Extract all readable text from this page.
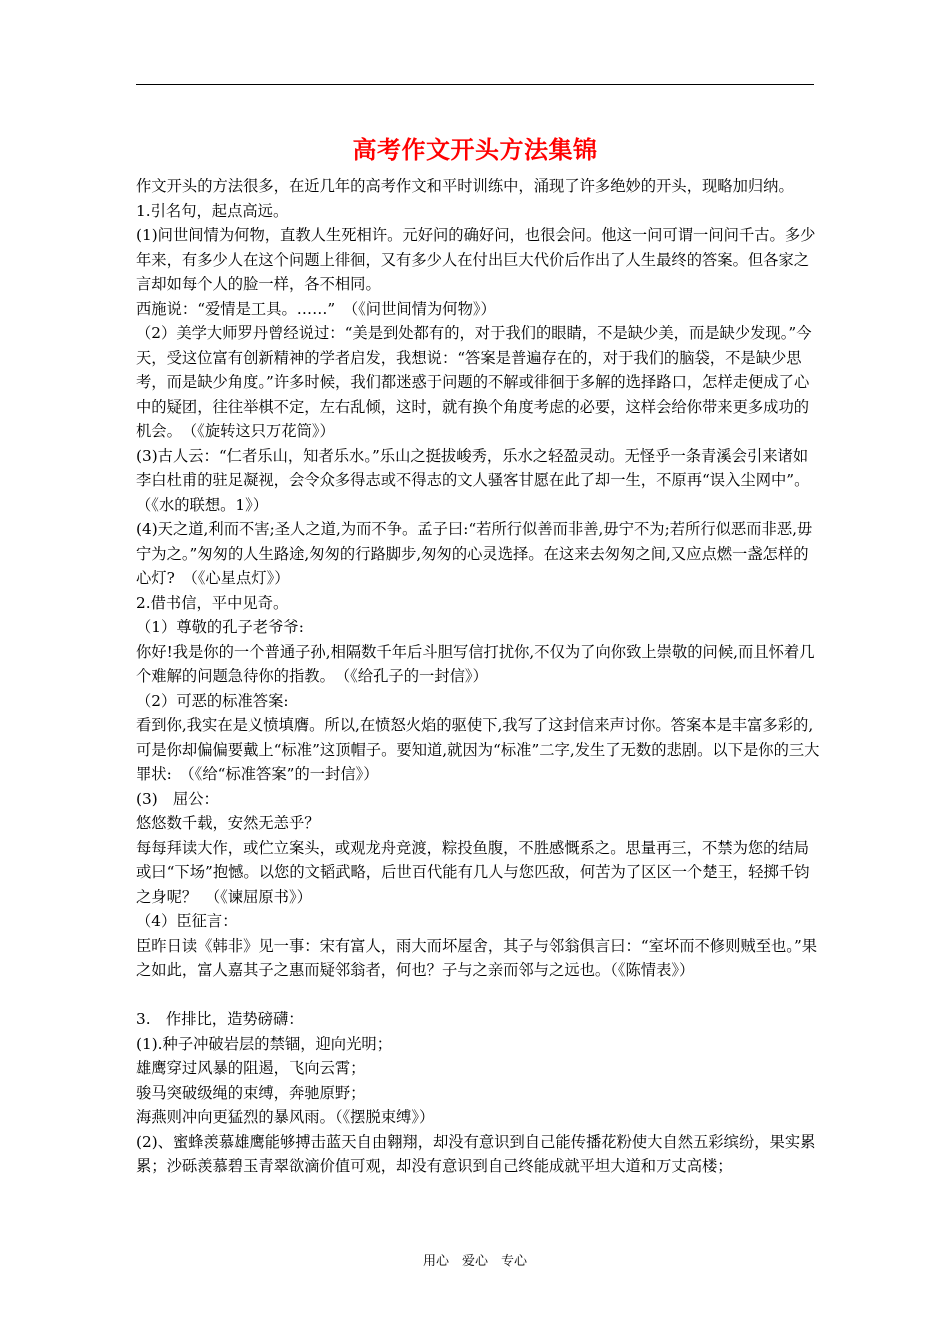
高考作文开头方法集锦

作文开头的方法很多，在近几年的高考作文和平时训练中，涌现了许多绝妙的开头，现略加归纳。

1.引名句，起点高远。

(1)问世间情为何物，直教人生死相许。元好问的确好问，也很会问。他这一问可谓一问问千古。多少年来，有多少人在这个问题上徘徊，又有多少人在付出巨大代价后作出了人生最终的答案。但各家之言却如每个人的脸一样，各不相同。

西施说：“爱情是工具。……”　（《问世间情为何物》）

（2）美学大师罗丹曾经说过：“美是到处都有的，对于我们的眼睛，不是缺少美，而是缺少发现。”今天，受这位富有创新精神的学者启发，我想说：“答案是普遍存在的，对于我们的脑袋，不是缺少思考，而是缺少角度。”许多时候，我们都迷惑于问题的不解或徘徊于多解的选择路口，怎样走便成了心中的疑团，往往举棋不定，左右乱倾，这时，就有换个角度考虑的必要，这样会给你带来更多成功的机会。　（《旋转这只万花筒》）

(3)古人云：“仁者乐山，知者乐水。”乐山之挺拔峻秀，乐水之轻盈灵动。无怪乎一条青溪会引来诸如李白杜甫的驻足凝视，会令众多得志或不得志的文人骚客甘愿在此了却一生，不原再“误入尘网中”。（《水的联想。1》）

(4)天之道,利而不害;圣人之道,为而不争。孟子曰:“若所行似善而非善,毋宁不为;若所行似恶而非恶,毋宁为之。”匆匆的人生路途,匆匆的行路脚步,匆匆的心灵选择。在这来去匆匆之间,又应点燃一盏怎样的心灯?　（《心星点灯》）

2.借书信，平中见奇。

（1）尊敬的孔子老爷爷:

你好!我是你的一个普通子孙,相隔数千年后斗胆写信打扰你,不仅为了向你致上崇敬的问候,而且怀着几个难解的问题急待你的指教。　（《给孔子的一封信》）

（2）可恶的标准答案:

看到你,我实在是义愤填膺。所以,在愤怒火焰的驱使下,我写了这封信来声讨你。答案本是丰富多彩的,可是你却偏偏要戴上“标准”这顶帽子。要知道,就因为“标准”二字,发生了无数的悲剧。以下是你的三大罪状:　（《给“标准答案”的一封信》）

(3)　屈公：

悠悠数千载，安然无恙乎？

每每拜读大作，或伫立案头，或观龙舟竞渡，粽投鱼腹，不胜感慨系之。思量再三，不禁为您的结局或曰“下场”抱憾。以您的文韬武略，后世百代能有几人与您匹敌，何苦为了区区一个楚王，轻掷千钧之身呢？　（《谏屈原书》）

（4）臣征言：

臣昨日读《韩非》见一事：宋有富人，雨大而坏屋舍，其子与邻翁俱言曰：“室坏而不修则贼至也。”果之如此，富人嘉其子之惠而疑邻翁者，何也？子与之亲而邻与之远也。（《陈情表》）

3.　作排比，造势磅礴：

(1).种子冲破岩层的禁锢，迎向光明；

雄鹰穿过风暴的阻遏，飞向云霄；

骏马突破级绳的束缚，奔驰原野；

海燕则冲向更猛烈的暴风雨。（《摆脱束缚》）

(2)、蜜蜂羡慕雄鹰能够搏击蓝天自由翱翔，却没有意识到自己能传播花粉使大自然五彩缤纷，果实累累；沙砾羡慕碧玉青翠欲滴价值可观，却没有意识到自己终能成就平坦大道和万丈高楼；

用心　爱心　专心
